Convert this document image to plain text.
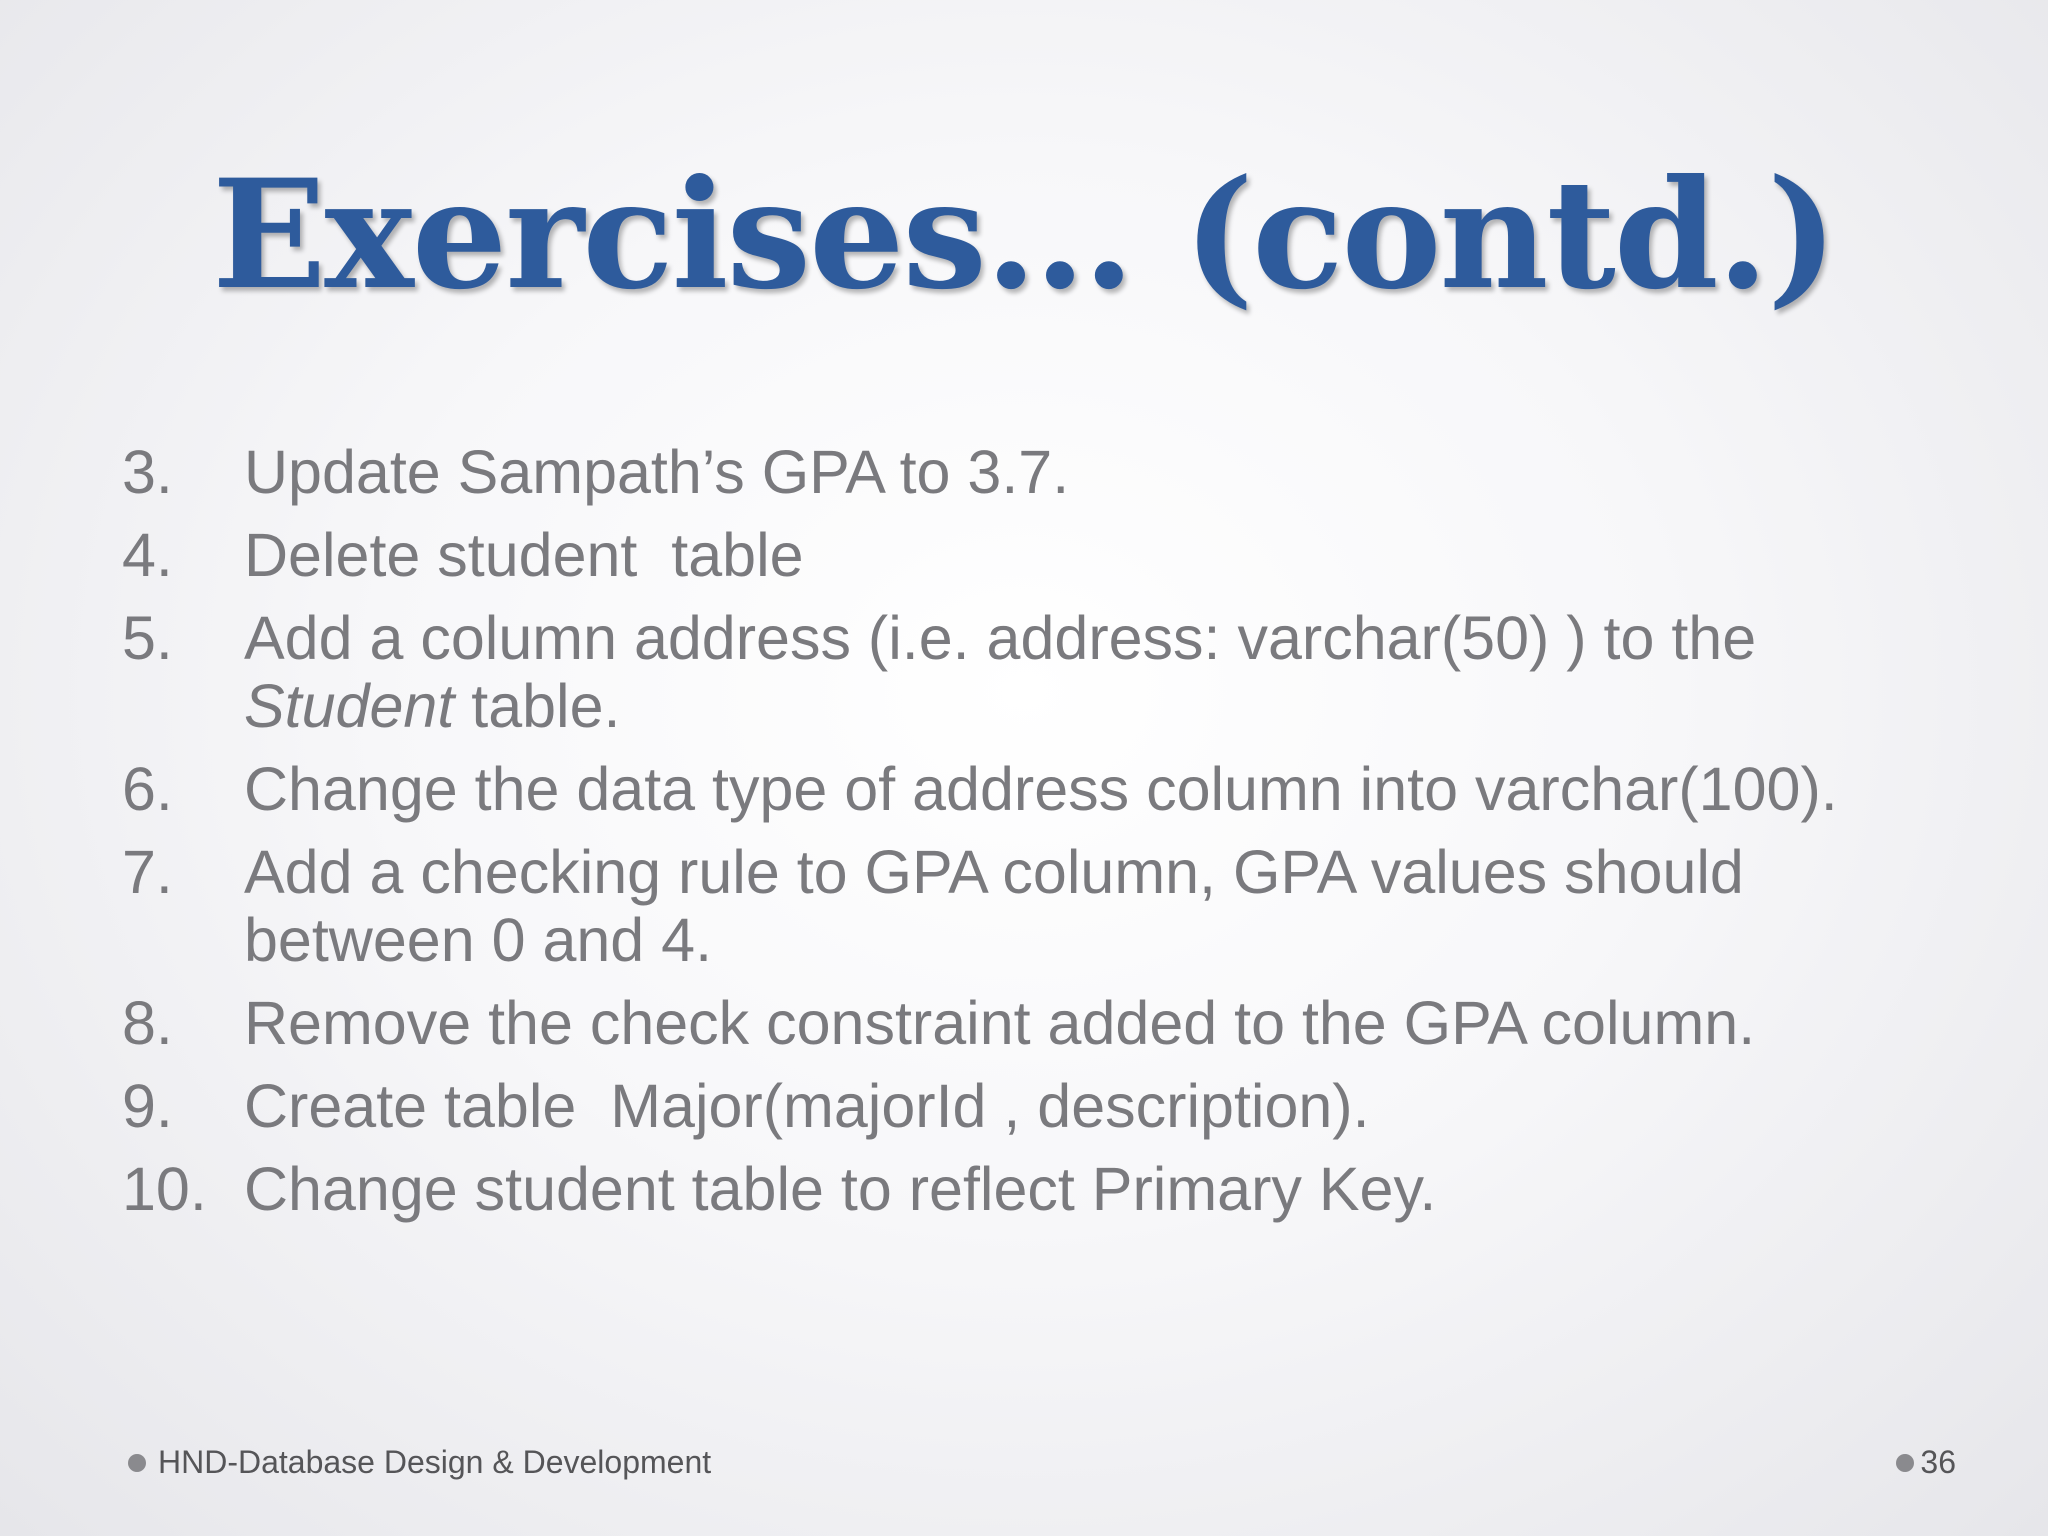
Exercises… (contd.)
3.	Update Sampath’s GPA to 3.7.
4.	Delete student  table
5.	Add a column address (i.e. address: varchar(50) ) to the Student table.
6.	Change the data type of address column into varchar(100).
7.	Add a checking rule to GPA column, GPA values should between 0 and 4.
8.	Remove the check constraint added to the GPA column.
9.	Create table  Major(majorId , description).
10. Change student table to reflect Primary Key.
HND-Database Design & Development	36
